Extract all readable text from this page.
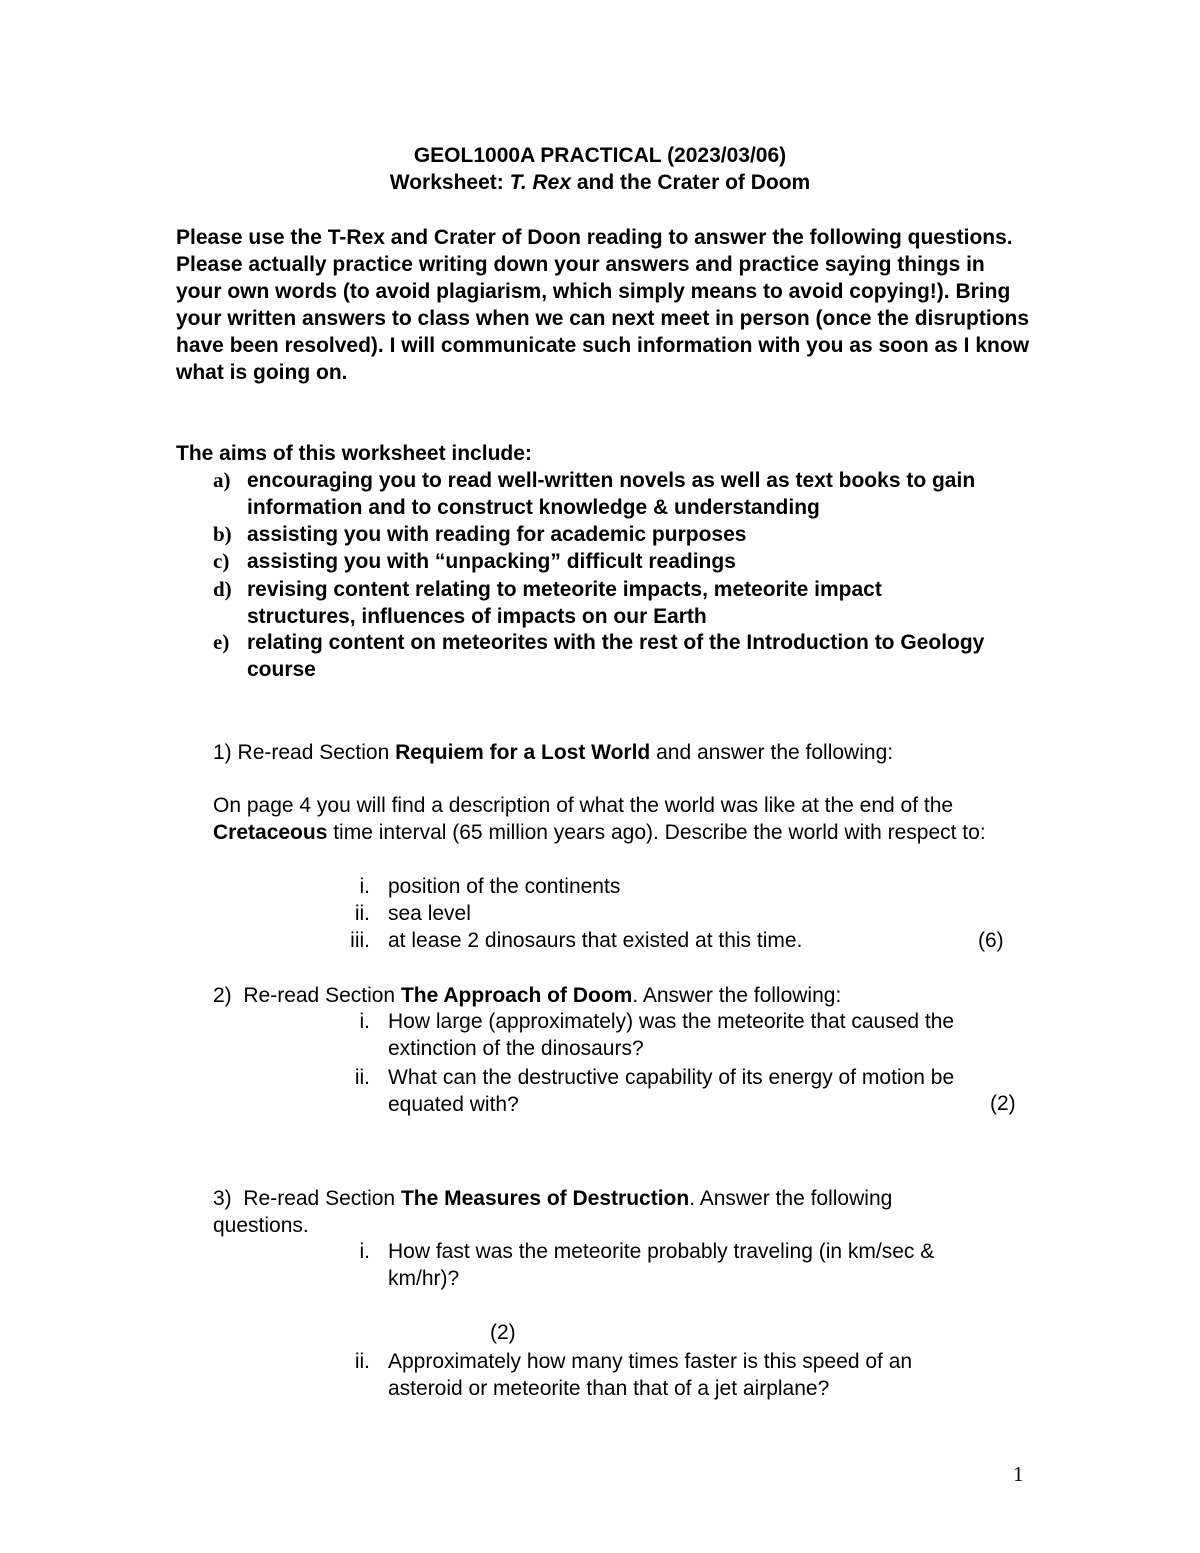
GEOL1000A PRACTICAL (2023/03/06)
Worksheet: T. Rex and the Crater of Doom
Please use the T-Rex and Crater of Doon reading to answer the following questions. Please actually practice writing down your answers and practice saying things in your own words (to avoid plagiarism, which simply means to avoid copying!). Bring your written answers to class when we can next meet in person (once the disruptions have been resolved). I will communicate such information with you as soon as I know what is going on.
The aims of this worksheet include:
a) encouraging you to read well-written novels as well as text books to gain information and to construct knowledge & understanding
b) assisting you with reading for academic purposes
c) assisting you with “unpacking” difficult readings
d) revising content relating to meteorite impacts, meteorite impact structures, influences of impacts on our Earth
e) relating content on meteorites with the rest of the Introduction to Geology course
1) Re-read Section Requiem for a Lost World and answer the following:
On page 4 you will find a description of what the world was like at the end of the Cretaceous time interval (65 million years ago). Describe the world with respect to:
i. position of the continents
ii. sea level
iii. at lease 2 dinosaurs that existed at this time.	(6)
2) Re-read Section The Approach of Doom. Answer the following:
i. How large (approximately) was the meteorite that caused the extinction of the dinosaurs?
ii. What can the destructive capability of its energy of motion be equated with?	(2)
3) Re-read Section The Measures of Destruction. Answer the following questions.
i. How fast was the meteorite probably traveling (in km/sec & km/hr)?
(2)
ii. Approximately how many times faster is this speed of an asteroid or meteorite than that of a jet airplane?
1
